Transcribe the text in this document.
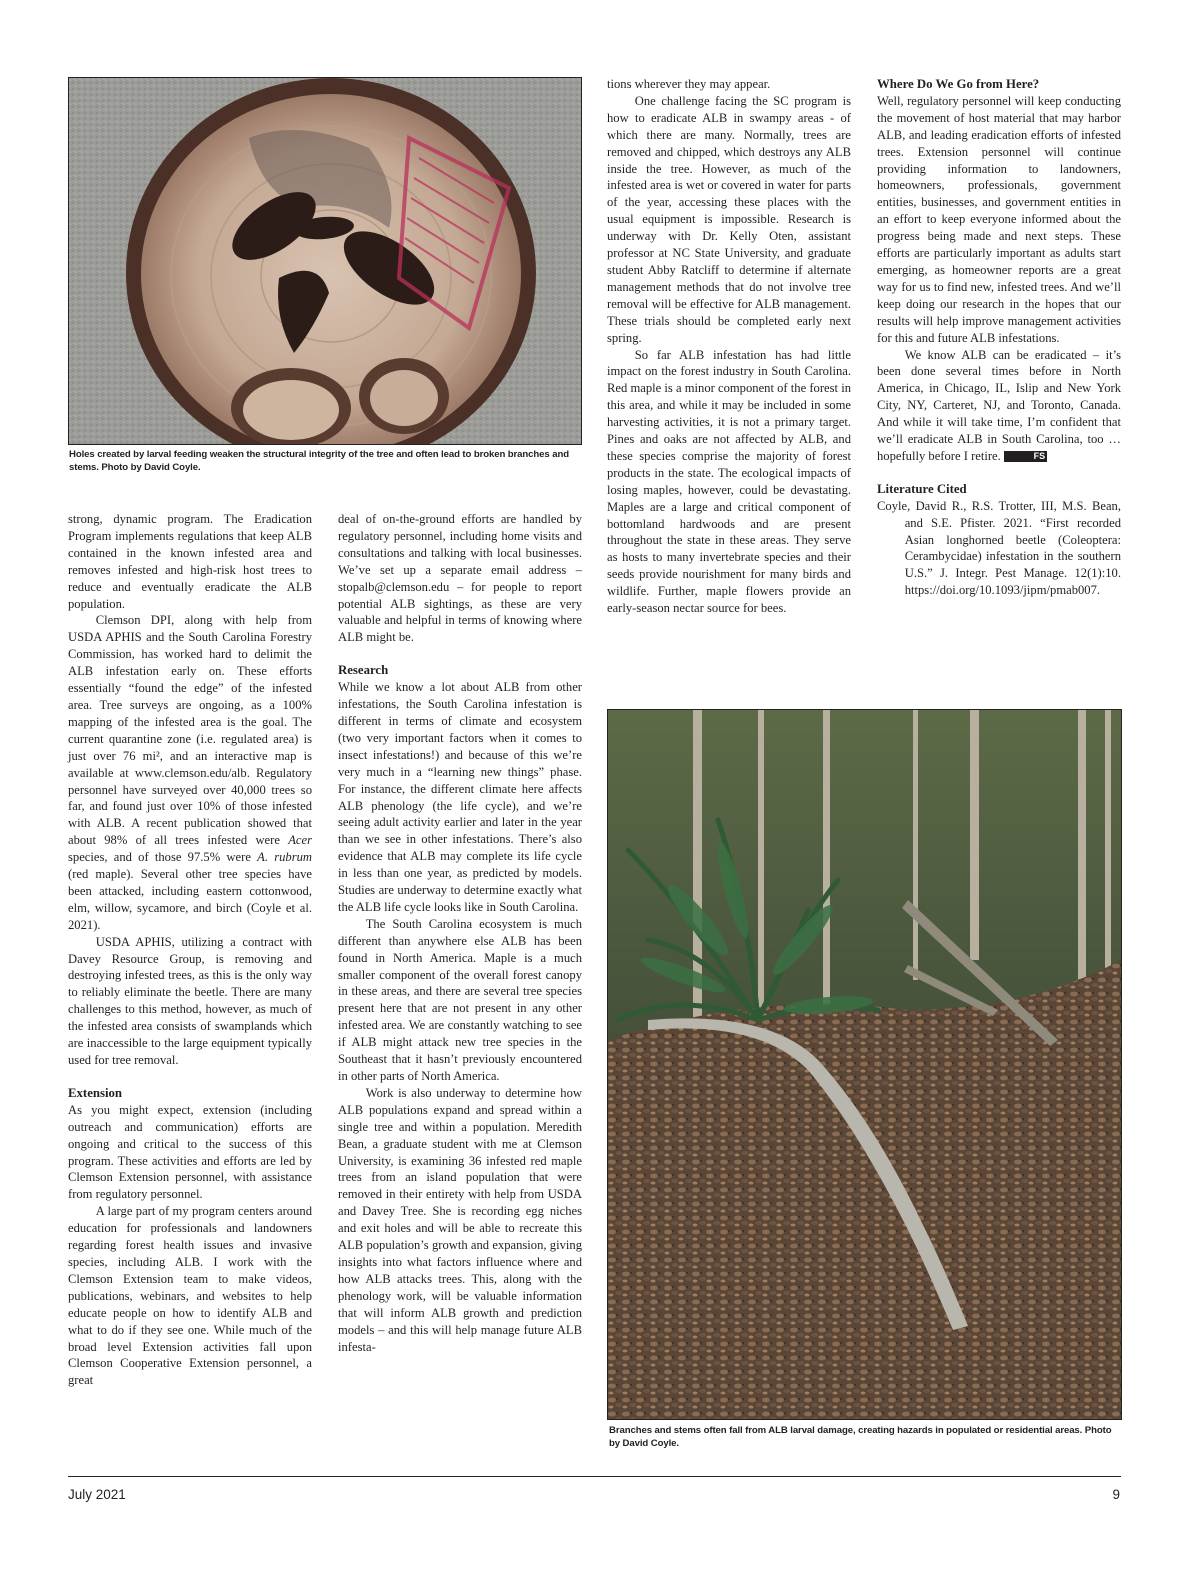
Holes created by larval feeding weaken the structural integrity of the tree and often lead to broken branches and stems. Photo by David Coyle.

strong, dynamic program. The Eradication Program implements regulations that keep ALB contained in the known infested area and removes infested and high-risk host trees to reduce and eventually eradicate the ALB population.

Clemson DPI, along with help from USDA APHIS and the South Carolina Forestry Commission, has worked hard to delimit the ALB infestation early on. These efforts essentially “found the edge” of the infested area. Tree surveys are ongoing, as a 100% mapping of the infested area is the goal. The current quarantine zone (i.e. regulated area) is just over 76 mi², and an interactive map is available at www.clemson.edu/alb. Regulatory personnel have surveyed over 40,000 trees so far, and found just over 10% of those infested with ALB. A recent publication showed that about 98% of all trees infested were Acer species, and of those 97.5% were A. rubrum (red maple). Several other tree species have been attacked, including eastern cottonwood, elm, willow, sycamore, and birch (Coyle et al. 2021).

USDA APHIS, utilizing a contract with Davey Resource Group, is removing and destroying infested trees, as this is the only way to reliably eliminate the beetle. There are many challenges to this method, however, as much of the infested area consists of swamplands which are inaccessible to the large equipment typically used for tree removal.

Extension

As you might expect, extension (including outreach and communication) efforts are ongoing and critical to the success of this program. These activities and efforts are led by Clemson Extension personnel, with assistance from regulatory personnel.

A large part of my program centers around education for professionals and landowners regarding forest health issues and invasive species, including ALB. I work with the Clemson Extension team to make videos, publications, webinars, and websites to help educate people on how to identify ALB and what to do if they see one. While much of the broad level Extension activities fall upon Clemson Cooperative Extension personnel, a great

deal of on-the-ground efforts are handled by regulatory personnel, including home visits and consultations and talking with local businesses. We’ve set up a separate email address – stopalb@clemson.edu – for people to report potential ALB sightings, as these are very valuable and helpful in terms of knowing where ALB might be.

Research

While we know a lot about ALB from other infestations, the South Carolina infestation is different in terms of climate and ecosystem (two very important factors when it comes to insect infestations!) and because of this we’re very much in a “learning new things” phase. For instance, the different climate here affects ALB phenology (the life cycle), and we’re seeing adult activity earlier and later in the year than we see in other infestations. There’s also evidence that ALB may complete its life cycle in less than one year, as predicted by models. Studies are underway to determine exactly what the ALB life cycle looks like in South Carolina.

The South Carolina ecosystem is much different than anywhere else ALB has been found in North America. Maple is a much smaller component of the overall forest canopy in these areas, and there are several tree species present here that are not present in any other infested area. We are constantly watching to see if ALB might attack new tree species in the Southeast that it hasn’t previously encountered in other parts of North America.

Work is also underway to determine how ALB populations expand and spread within a single tree and within a population. Meredith Bean, a graduate student with me at Clemson University, is examining 36 infested red maple trees from an island population that were removed in their entirety with help from USDA and Davey Tree. She is recording egg niches and exit holes and will be able to recreate this ALB population’s growth and expansion, giving insights into what factors influence where and how ALB attacks trees. This, along with the phenology work, will be valuable information that will inform ALB growth and prediction models – and this will help manage future ALB infesta-

tions wherever they may appear.

One challenge facing the SC program is how to eradicate ALB in swampy areas - of which there are many. Normally, trees are removed and chipped, which destroys any ALB inside the tree. However, as much of the infested area is wet or covered in water for parts of the year, accessing these places with the usual equipment is impossible. Research is underway with Dr. Kelly Oten, assistant professor at NC State University, and graduate student Abby Ratcliff to determine if alternate management methods that do not involve tree removal will be effective for ALB management. These trials should be completed early next spring.

So far ALB infestation has had little impact on the forest industry in South Carolina. Red maple is a minor component of the forest in this area, and while it may be included in some harvesting activities, it is not a primary target. Pines and oaks are not affected by ALB, and these species comprise the majority of forest products in the state. The ecological impacts of losing maples, however, could be devastating. Maples are a large and critical component of bottomland hardwoods and are present throughout the state in these areas. They serve as hosts to many invertebrate species and their seeds provide nourishment for many birds and wildlife. Further, maple flowers provide an early-season nectar source for bees.

Where Do We Go from Here?

Well, regulatory personnel will keep conducting the movement of host material that may harbor ALB, and leading eradication efforts of infested trees. Extension personnel will continue providing information to landowners, homeowners, professionals, government entities, businesses, and government entities in an effort to keep everyone informed about the progress being made and next steps. These efforts are particularly important as adults start emerging, as homeowner reports are a great way for us to find new, infested trees. And we’ll keep doing our research in the hopes that our results will help improve management activities for this and future ALB infestations.

We know ALB can be eradicated – it’s been done several times before in North America, in Chicago, IL, Islip and New York City, NY, Carteret, NJ, and Toronto, Canada. And while it will take time, I’m confident that we’ll eradicate ALB in South Carolina, too … hopefully before I retire.	FS

Literature Cited

Coyle, David R., R.S. Trotter, III, M.S. Bean, and S.E. Pfister. 2021. “First recorded Asian longhorned beetle (Coleoptera: Cerambycidae) infestation in the southern U.S.” J. Integr. Pest Manage. 12(1):10. https://doi.org/10.1093/jipm/pmab007.

Branches and stems often fall from ALB larval damage, creating hazards in populated or residential areas. Photo by David Coyle.
July 2021	9
